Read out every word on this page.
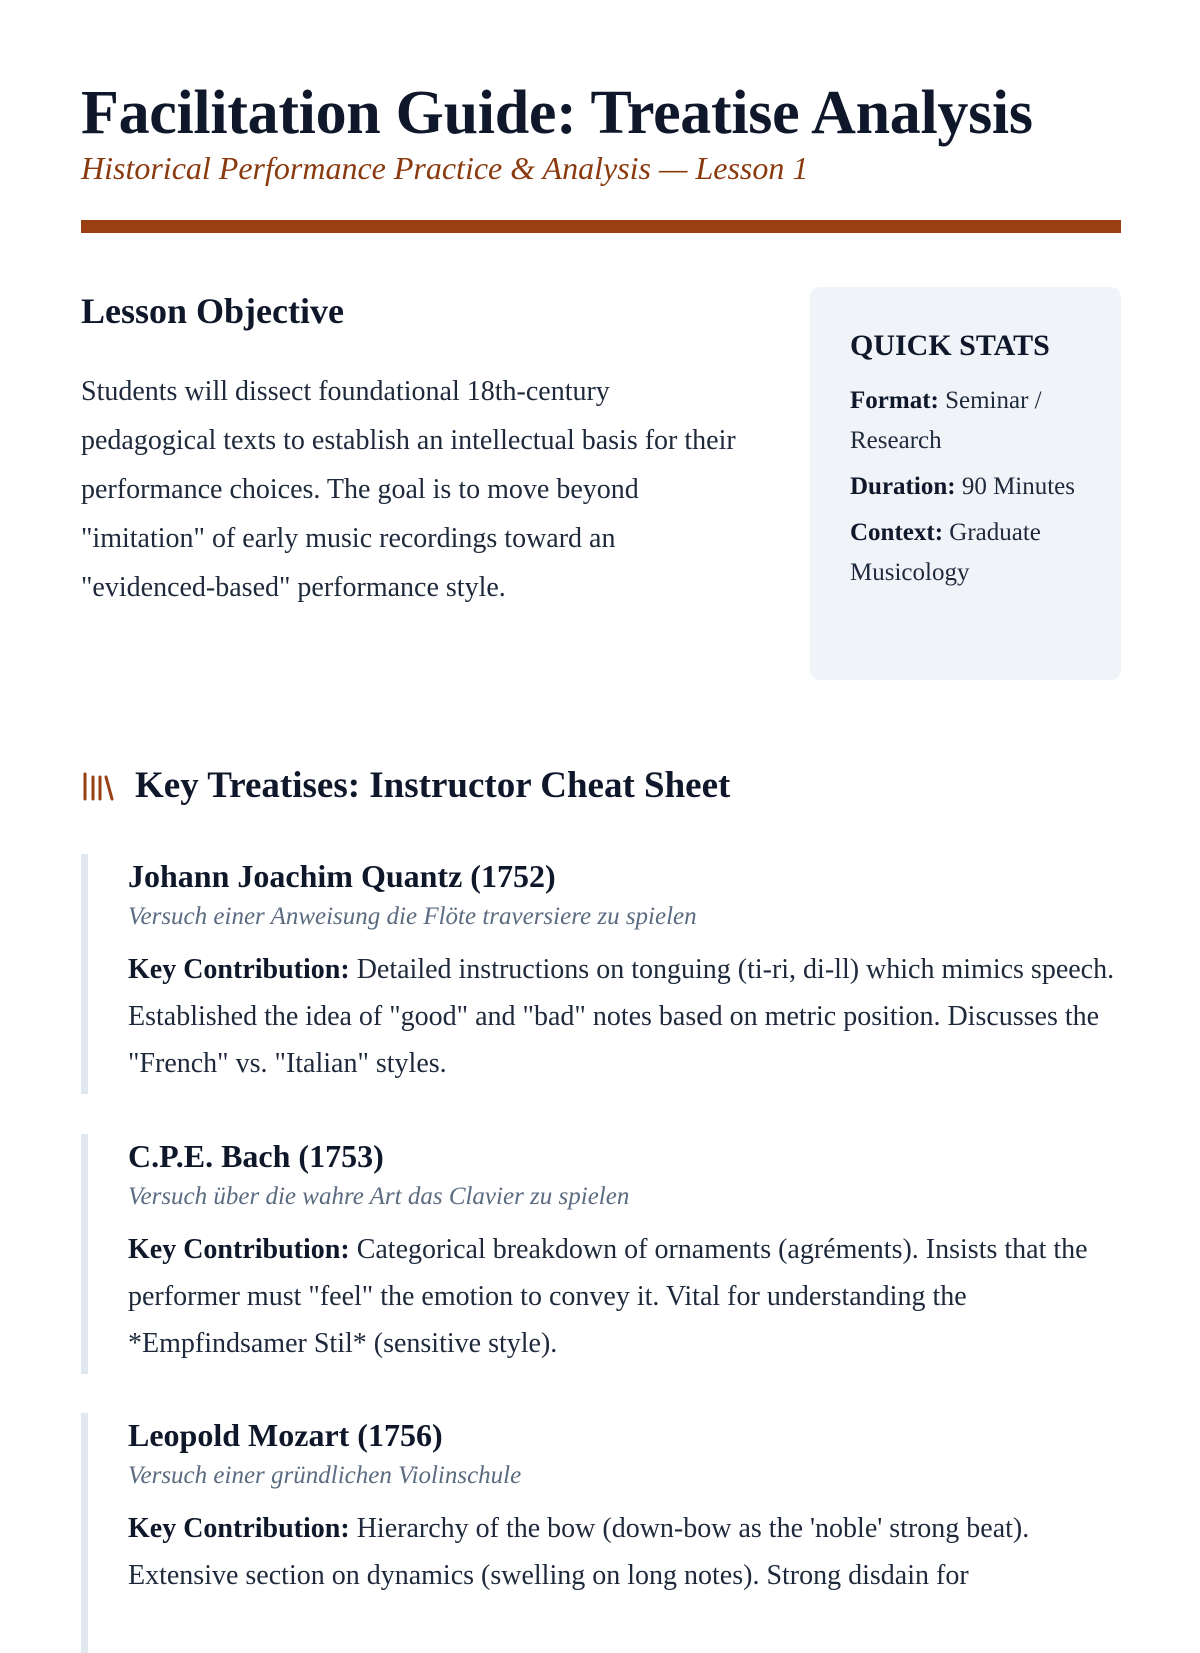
Facilitation Guide: Treatise Analysis
Historical Performance Practice & Analysis — Lesson 1
Lesson Objective

Students will dissect foundational 18th-century pedagogical texts to establish an intellectual basis for their performance choices. The goal is to move beyond "imitation" of early music recordings toward an "evidenced-based" performance style.

QUICK STATS
Format: Seminar / Research
Duration: 90 Minutes
Context: Graduate Musicology
Key Treatises: Instructor Cheat Sheet
Johann Joachim Quantz (1752)
Versuch einer Anweisung die Flöte traversiere zu spielen

Key Contribution: Detailed instructions on tonguing (ti-ri, di-ll) which mimics speech. Established the idea of "good" and "bad" notes based on metric position. Discusses the "French" vs. "Italian" styles.

C.P.E. Bach (1753)
Versuch über die wahre Art das Clavier zu spielen

Key Contribution: Categorical breakdown of ornaments (agréments). Insists that the performer must "feel" the emotion to convey it. Vital for understanding the *Empfindsamer Stil* (sensitive style).

Leopold Mozart (1756)
Versuch einer gründlichen Violinschule

Key Contribution: Hierarchy of the bow (down-bow as the 'noble' strong beat). Extensive section on dynamics (swelling on long notes). Strong disdain for
